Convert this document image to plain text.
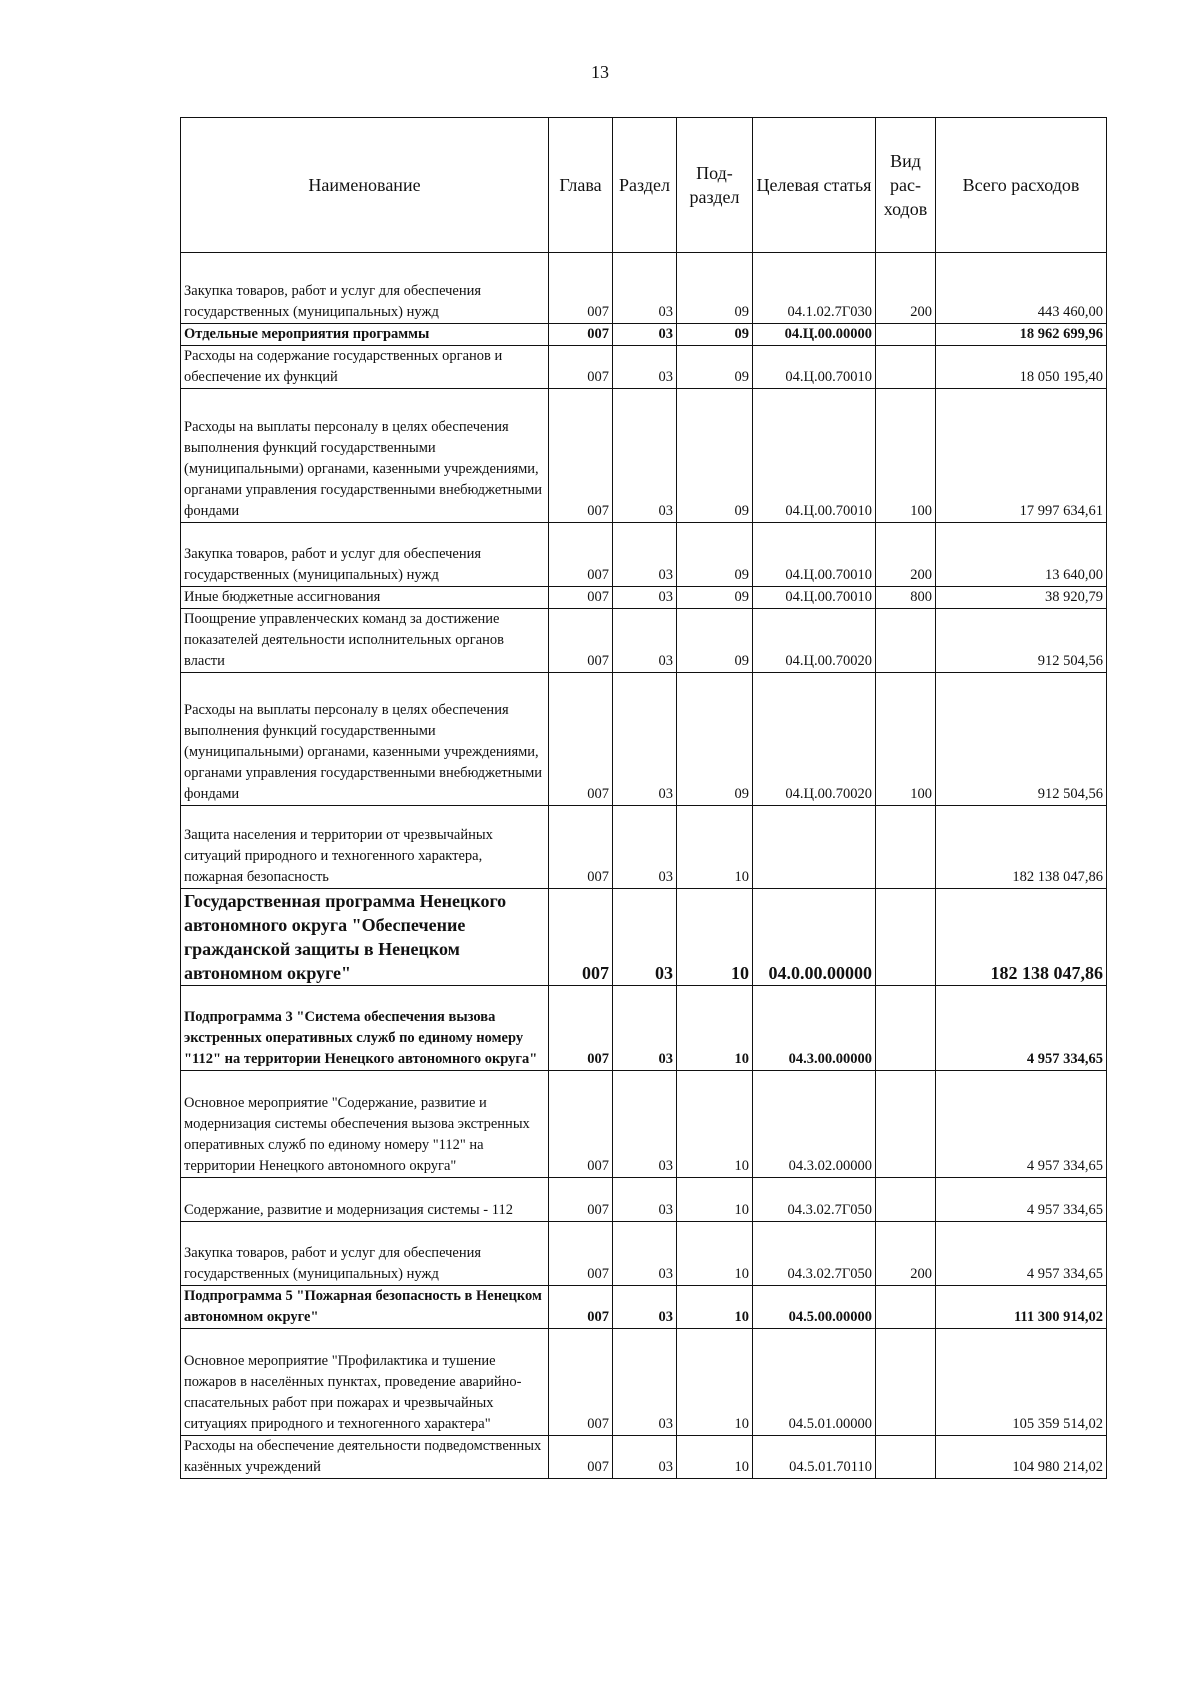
13
Наименование	Глава	Раздел	Под-раздел	Целевая статья	Вид рас-ходов	Всего расходов
Закупка товаров, работ и услуг для обеспечения государственных (муниципальных) нужд	007	03	09	04.1.02.7Г030	200	443 460,00
Отдельные мероприятия программы	007	03	09	04.Ц.00.00000		18 962 699,96
Расходы на содержание государственных органов и обеспечение их функций	007	03	09	04.Ц.00.70010		18 050 195,40
Расходы на выплаты персоналу в целях обеспечения выполнения функций государственными (муниципальными) органами, казенными учреждениями, органами управления государственными внебюджетными фондами	007	03	09	04.Ц.00.70010	100	17 997 634,61
Закупка товаров, работ и услуг для обеспечения государственных (муниципальных) нужд	007	03	09	04.Ц.00.70010	200	13 640,00
Иные бюджетные ассигнования	007	03	09	04.Ц.00.70010	800	38 920,79
Поощрение управленческих команд за достижение показателей деятельности исполнительных органов власти	007	03	09	04.Ц.00.70020		912 504,56
Расходы на выплаты персоналу в целях обеспечения выполнения функций государственными (муниципальными) органами, казенными учреждениями, органами управления государственными внебюджетными фондами	007	03	09	04.Ц.00.70020	100	912 504,56
Защита населения и территории от чрезвычайных ситуаций природного и техногенного характера, пожарная безопасность	007	03	10			182 138 047,86
Государственная программа Ненецкого автономного округа "Обеспечение гражданской защиты в Ненецком автономном округе"	007	03	10	04.0.00.00000		182 138 047,86
Подпрограмма 3 "Система обеспечения вызова экстренных оперативных служб по единому номеру "112" на территории Ненецкого автономного округа"	007	03	10	04.3.00.00000		4 957 334,65
Основное мероприятие "Содержание, развитие и модернизация системы обеспечения вызова экстренных оперативных служб по единому номеру "112" на территории Ненецкого автономного округа"	007	03	10	04.3.02.00000		4 957 334,65
Содержание, развитие и модернизация системы - 112	007	03	10	04.3.02.7Г050		4 957 334,65
Закупка товаров, работ и услуг для обеспечения государственных (муниципальных) нужд	007	03	10	04.3.02.7Г050	200	4 957 334,65
Подпрограмма 5 "Пожарная безопасность в Ненецком автономном округе"	007	03	10	04.5.00.00000		111 300 914,02
Основное мероприятие "Профилактика и тушение пожаров в населённых пунктах, проведение аварийно-спасательных работ при пожарах и чрезвычайных ситуациях природного и техногенного характера"	007	03	10	04.5.01.00000		105 359 514,02
Расходы на обеспечение деятельности подведомственных казённых учреждений	007	03	10	04.5.01.70110		104 980 214,02
